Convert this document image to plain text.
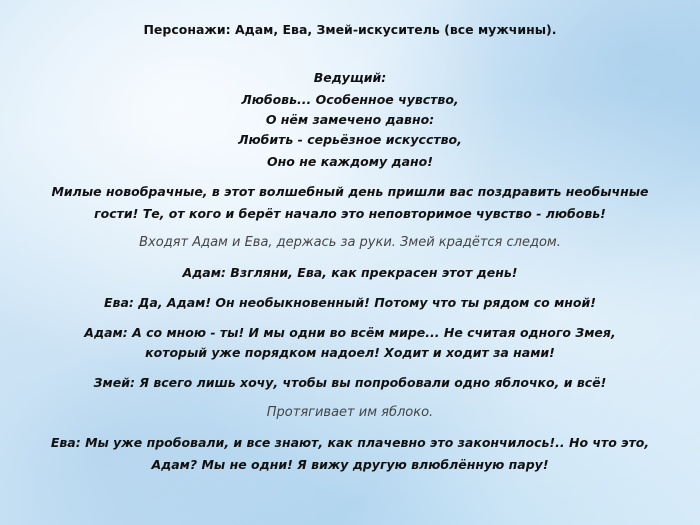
Персонажи: Адам, Ева, Змей-искуситель (все мужчины).
Ведущий:
Любовь... Особенное чувство,
О нём замечено давно:
Любить - серьёзное искусство,
Оно не каждому дано!
Милые новобрачные, в этот волшебный день пришли вас поздравить необычные
гости! Те, от кого и берёт начало это неповторимое чувство - любовь!
Входят Адам и Ева, держась за руки. Змей крадётся следом.
Адам: Взгляни, Ева, как прекрасен этот день!
Ева: Да, Адам! Он необыкновенный! Потому что ты рядом со мной!
Адам: А со мною - ты! И мы одни во всём мире... Не считая одного Змея,
который уже порядком надоел! Ходит и ходит за нами!
Змей: Я всего лишь хочу, чтобы вы попробовали одно яблочко, и всё!
Протягивает им яблоко.
Ева: Мы уже пробовали, и все знают, как плачевно это закончилось!.. Но что это,
Адам? Мы не одни! Я вижу другую влюблённую пару!
